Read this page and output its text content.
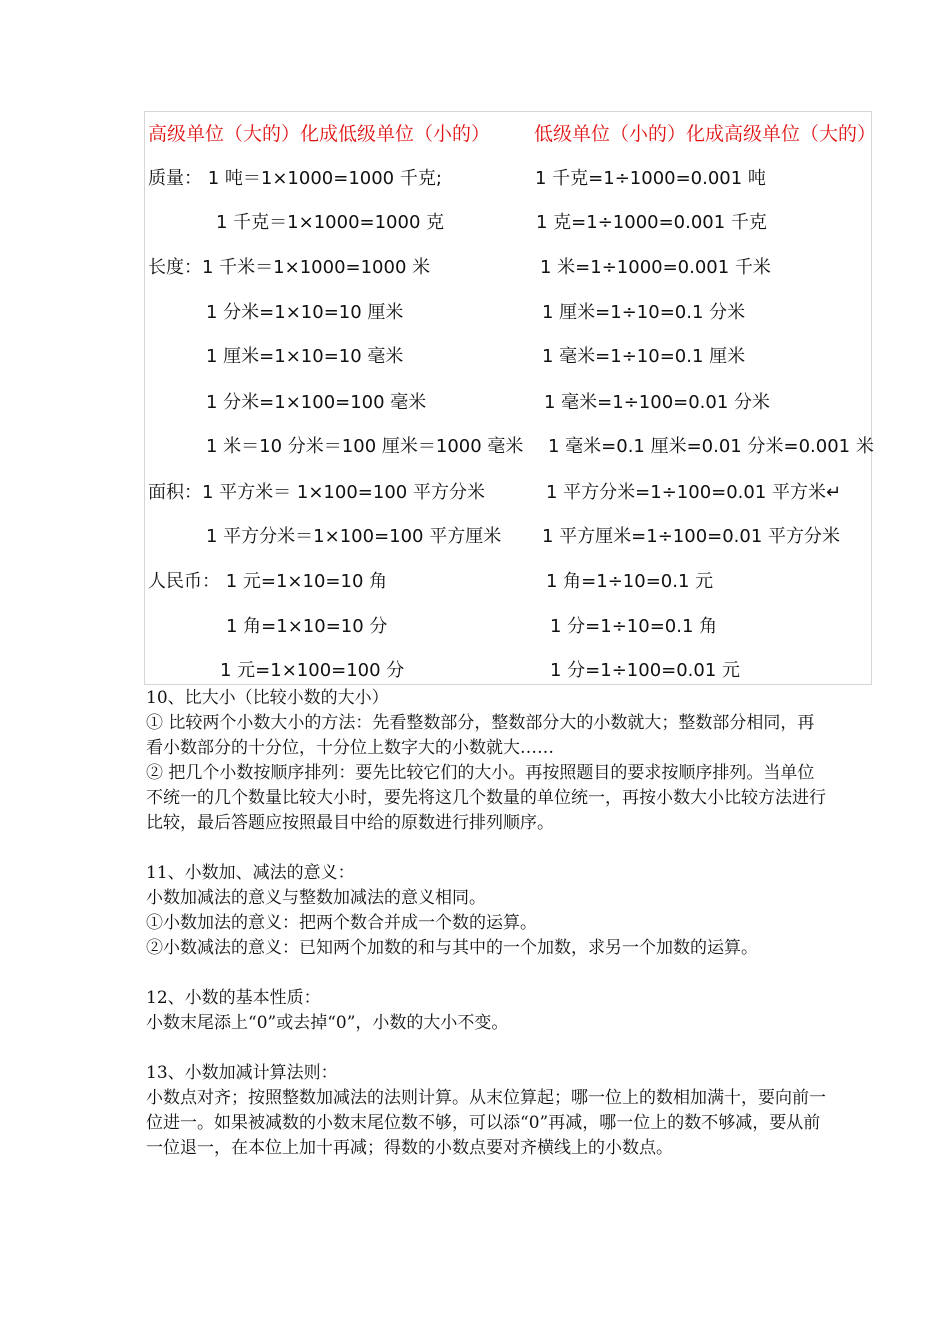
高级单位（大的）化成低级单位（小的） 低级单位（小的）化成高级单位（大的）
质量： 1 吨＝1×1000=1000 千克;	1 千克=1÷1000=0.001 吨
1 千克＝1×1000=1000 克	1 克=1÷1000=0.001 千克
长度：1 千米＝1×1000=1000 米	1 米=1÷1000=0.001 千米
1 分米=1×10=10 厘米	1 厘米=1÷10=0.1 分米
1 厘米=1×10=10 毫米	1 毫米=1÷10=0.1 厘米
1 分米=1×100=100 毫米	1 毫米=1÷100=0.01 分米
1 米＝10 分米＝100 厘米＝1000 毫米 1 毫米=0.1 厘米=0.01 分米=0.001 米
面积：1 平方米＝ 1×100=100 平方分米	1 平方分米=1÷100=0.01 平方米↵
1 平方分米＝1×100=100 平方厘米 1 平方厘米=1÷100=0.01 平方分米
人民币： 1 元=1×10=10 角	1 角=1÷10=0.1 元
1 角=1×10=10 分	1 分=1÷10=0.1 角
1 元=1×100=100 分	1 分=1÷100=0.01 元

10、比大小（比较小数的大小）

① 比较两个小数大小的方法：先看整数部分，整数部分大的小数就大；整数部分相同，再看小数部分的十分位，十分位上数字大的小数就大……

② 把几个小数按顺序排列：要先比较它们的大小。再按照题目的要求按顺序排列。当单位不统一的几个数量比较大小时，要先将这几个数量的单位统一，再按小数大小比较方法进行比较，最后答题应按照最目中给的原数进行排列顺序。

11、小数加、减法的意义：

小数加减法的意义与整数加减法的意义相同。

①小数加法的意义：把两个数合并成一个数的运算。

②小数减法的意义：已知两个加数的和与其中的一个加数，求另一个加数的运算。

12、小数的基本性质：

小数末尾添上“0”或去掉“0”，小数的大小不变。

13、小数加减计算法则：

小数点对齐；按照整数加减法的法则计算。从末位算起；哪一位上的数相加满十，要向前一位进一。如果被减数的小数末尾位数不够，可以添“0”再减，哪一位上的数不够减，要从前一位退一，在本位上加十再减；得数的小数点要对齐横线上的小数点。
